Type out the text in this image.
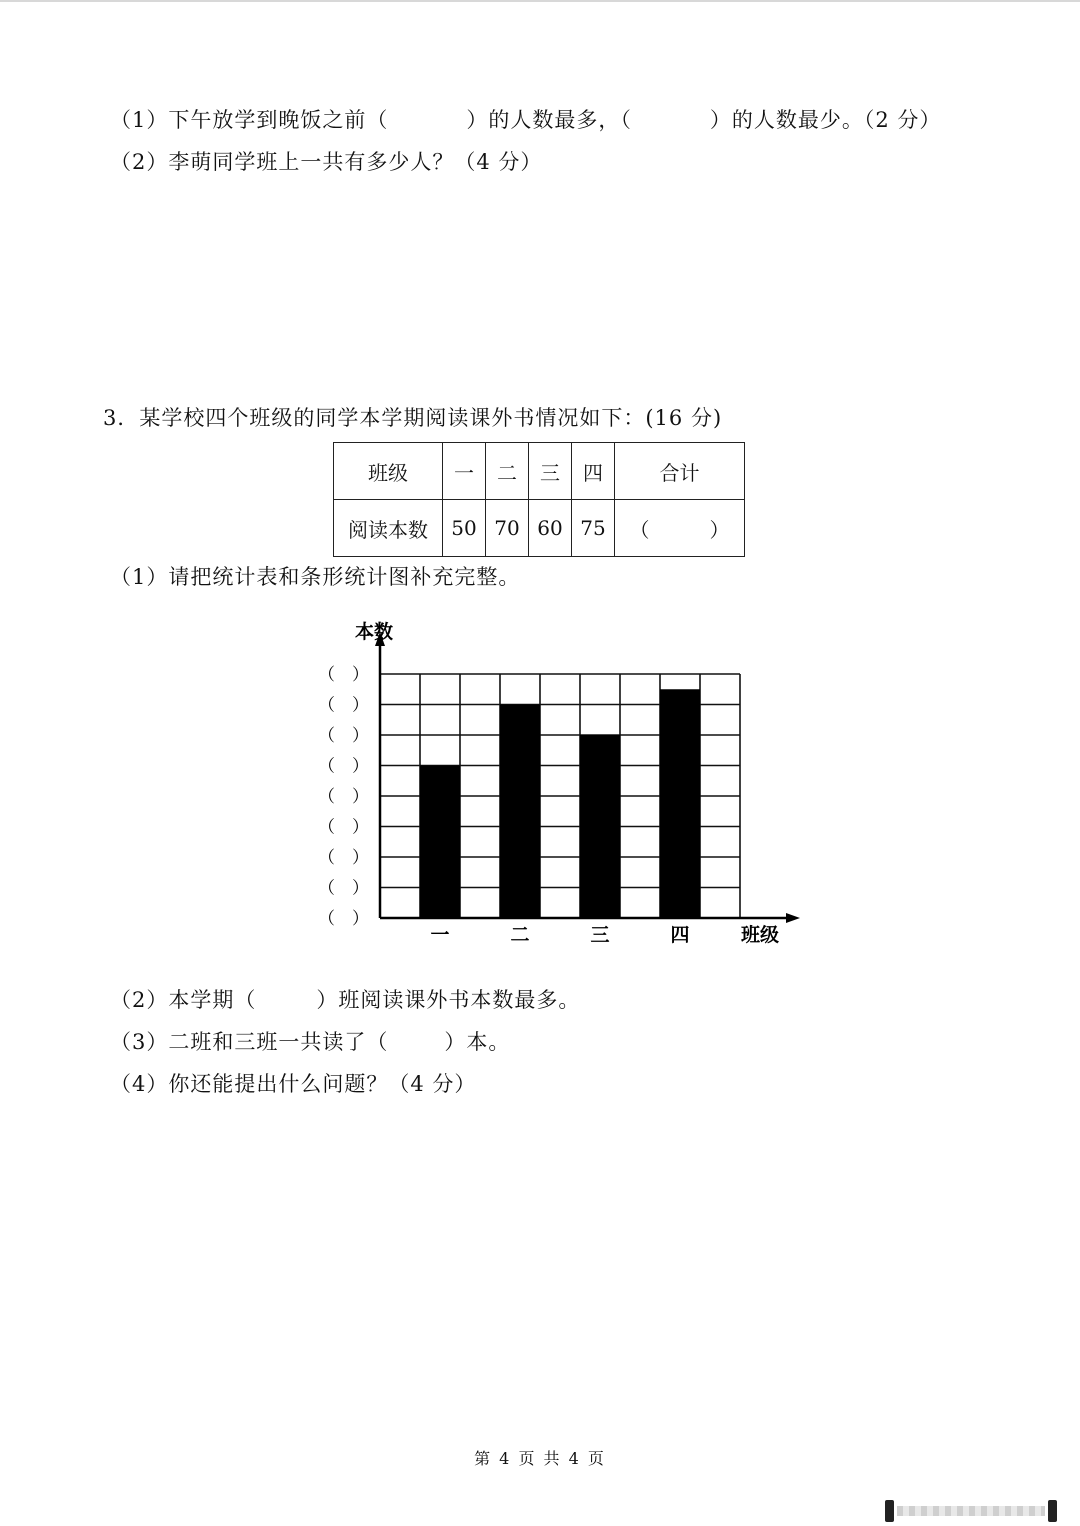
（1）下午放学到晚饭之前（	）的人数最多，（	）的人数最少。（2 分）
（2）李萌同学班上一共有多少人？（4 分）
3．某学校四个班级的同学本学期阅读课外书情况如下：(16 分)
班级	一	二	三	四	合计
阅读本数	50	70	60	75	（　　　）
（1）请把统计表和条形统计图补充完整。
本数
班级
一	二	三	四
（　）
（　）
（　）
（　）
（　）
（　）
（　）
（　）
（　）
（2）本学期（	）班阅读课外书本数最多。
（3）二班和三班一共读了（	）本。
（4）你还能提出什么问题？（4 分）
第 4 页 共 4 页
